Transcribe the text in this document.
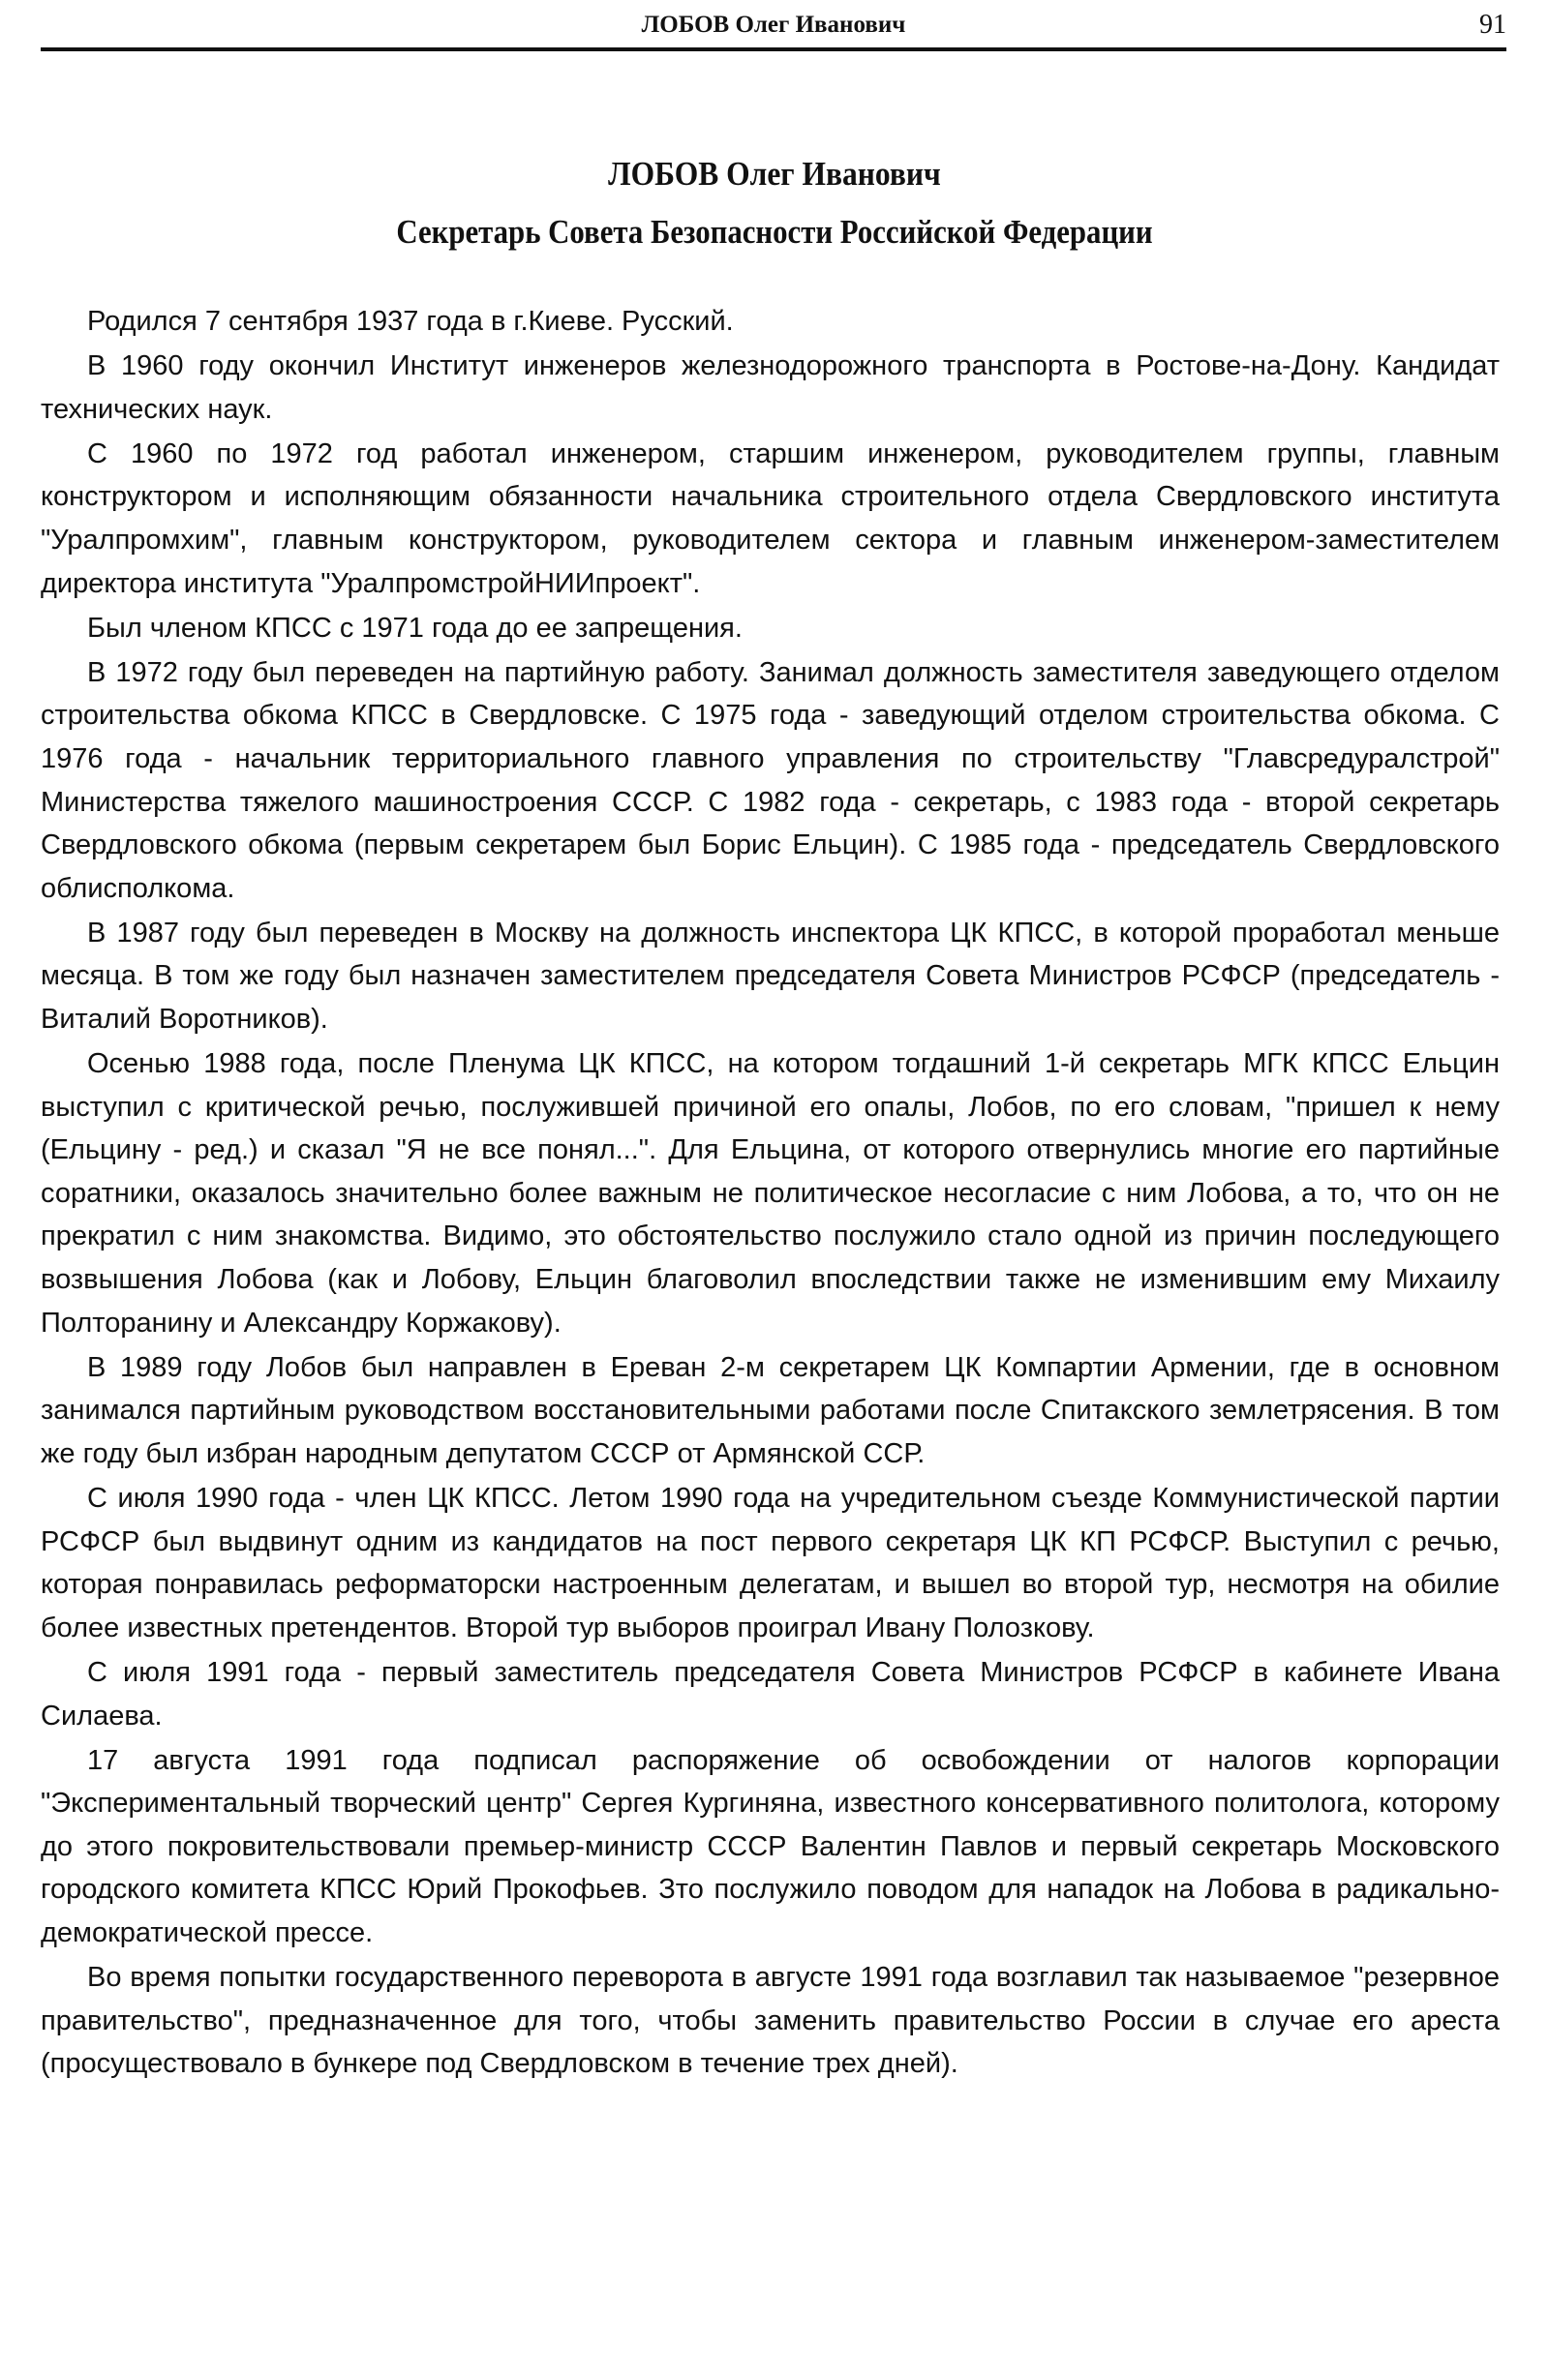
ЛОБОВ Олег Иванович	91
ЛОБОВ Олег Иванович
Секретарь Совета Безопасности Российской Федерации

Родился 7 сентября 1937 года в г.Киеве. Русский.

В 1960 году окончил Институт инженеров железнодорожного транспорта в Ростове-на-Дону. Кандидат технических наук.

С 1960 по 1972 год работал инженером, старшим инженером, руководителем группы, главным конструктором и исполняющим обязанности начальника строительного отдела Свердловского института "Уралпромхим", главным конструктором, руководителем сектора и главным инженером-заместителем директора института "УралпромстройНИИпроект".

Был членом КПСС с 1971 года до ее запрещения.

В 1972 году был переведен на партийную работу. Занимал должность заместителя заведующего отделом строительства обкома КПСС в Свердловске. С 1975 года - заведующий отделом строительства обкома. С 1976 года - начальник территориального главного управления по строительству "Главсредуралстрой" Министерства тяжелого машиностроения СССР. С 1982 года - секретарь, с 1983 года - второй секретарь Свердловского обкома (первым секретарем был Борис Ельцин). С 1985 года - председатель Свердловского облисполкома.

В 1987 году был переведен в Москву на должность инспектора ЦК КПСС, в которой проработал меньше месяца. В том же году был назначен заместителем председателя Совета Министров РСФСР (председатель - Виталий Воротников).

Осенью 1988 года, после Пленума ЦК КПСС, на котором тогдашний 1-й секретарь МГК КПСС Ельцин выступил с критической речью, послужившей причиной его опалы, Лобов, по его словам, "пришел к нему (Ельцину - ред.) и сказал "Я не все понял...". Для Ельцина, от которого отвернулись многие его партийные соратники, оказалось значительно более важным не политическое несогласие с ним Лобова, а то, что он не прекратил с ним знакомства. Видимо, это обстоятельство послужило стало одной из причин последующего возвышения Лобова (как и Лобову, Ельцин благоволил впоследствии также не изменившим ему Михаилу Полторанину и Александру Коржакову).

В 1989 году Лобов был направлен в Ереван 2-м секретарем ЦК Компартии Армении, где в основном занимался партийным руководством восстановительными работами после Спитакского землетрясения. В том же году был избран народным депутатом СССР от Армянской ССР.

С июля 1990 года - член ЦК КПСС. Летом 1990 года на учредительном съезде Коммунистической партии РСФСР был выдвинут одним из кандидатов на пост первого секретаря ЦК КП РСФСР. Выступил с речью, которая понравилась реформаторски настроенным делегатам, и вышел во второй тур, несмотря на обилие более известных претендентов. Второй тур выборов проиграл Ивану Полозкову.

С июля 1991 года - первый заместитель председателя Совета Министров РСФСР в кабинете Ивана Силаева.

17 августа 1991 года подписал распоряжение об освобождении от налогов корпорации "Экспериментальный творческий центр" Сергея Кургиняна, известного консервативного политолога, которому до этого покровительствовали премьер-министр СССР Валентин Павлов и первый секретарь Московского городского комитета КПСС Юрий Прокофьев. Зто послужило поводом для нападок на Лобова в радикально-демократической прессе.

Во время попытки государственного переворота в августе 1991 года возглавил так называемое "резервное правительство", предназначенное для того, чтобы заменить правительство России в случае его ареста (просуществовало в бункере под Свердловском в течение трех дней).
